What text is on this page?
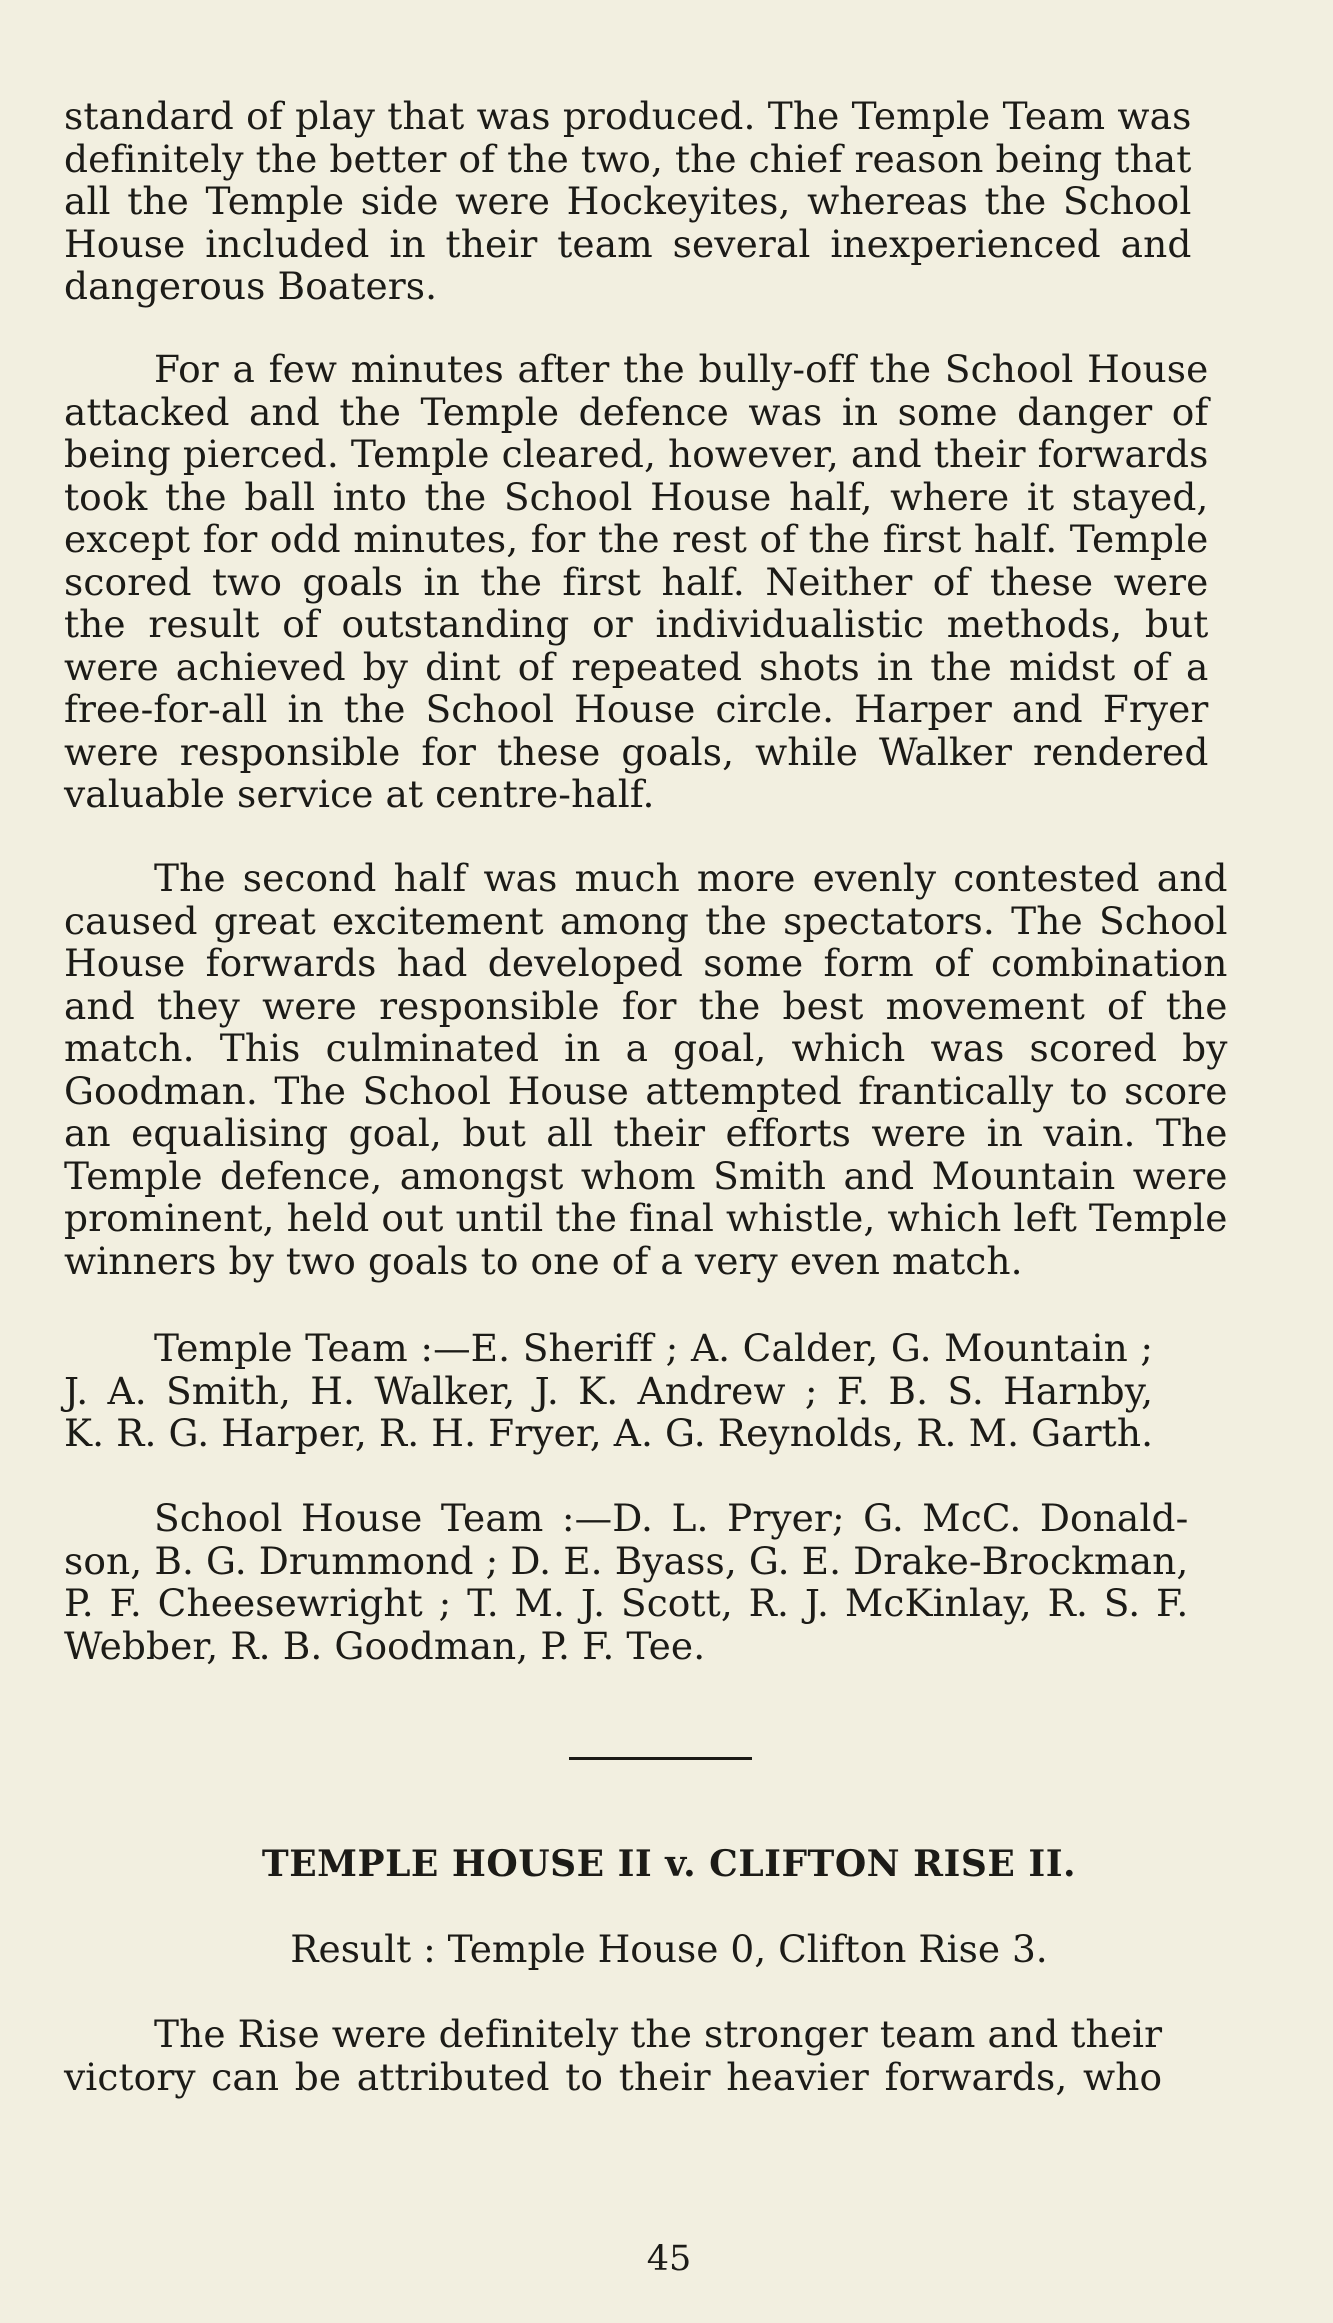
standard of play that was produced. The Temple Team was
definitely the better of the two, the chief reason being that
all the Temple side were Hockeyites, whereas the School
House included in their team several inexperienced and
dangerous Boaters.

For a few minutes after the bully-off the School House
attacked and the Temple defence was in some danger of
being pierced. Temple cleared, however, and their forwards
took the ball into the School House half, where it stayed,
except for odd minutes, for the rest of the first half. Temple
scored two goals in the first half. Neither of these were
the result of outstanding or individualistic methods, but
were achieved by dint of repeated shots in the midst of a
free-for-all in the School House circle. Harper and Fryer
were responsible for these goals, while Walker rendered
valuable service at centre-half.

The second half was much more evenly contested and
caused great excitement among the spectators. The School
House forwards had developed some form of combination
and they were responsible for the best movement of the
match. This culminated in a goal, which was scored by
Goodman. The School House attempted frantically to score
an equalising goal, but all their efforts were in vain. The
Temple defence, amongst whom Smith and Mountain were
prominent, held out until the final whistle, which left Temple
winners by two goals to one of a very even match.

Temple Team :—E. Sheriff ; A. Calder, G. Mountain ;
J. A. Smith, H. Walker, J. K. Andrew ; F. B. S. Harnby,
K. R. G. Harper, R. H. Fryer, A. G. Reynolds, R. M. Garth.

School House Team :—D. L. Pryer; G. McC. Donald-
son, B. G. Drummond ; D. E. Byass, G. E. Drake-Brockman,
P. F. Cheesewright ; T. M. J. Scott, R. J. McKinlay, R. S. F.
Webber, R. B. Goodman, P. F. Tee.

TEMPLE HOUSE II v. CLIFTON RISE II.

Result : Temple House 0, Clifton Rise 3.

The Rise were definitely the stronger team and their
victory can be attributed to their heavier forwards, who

45
